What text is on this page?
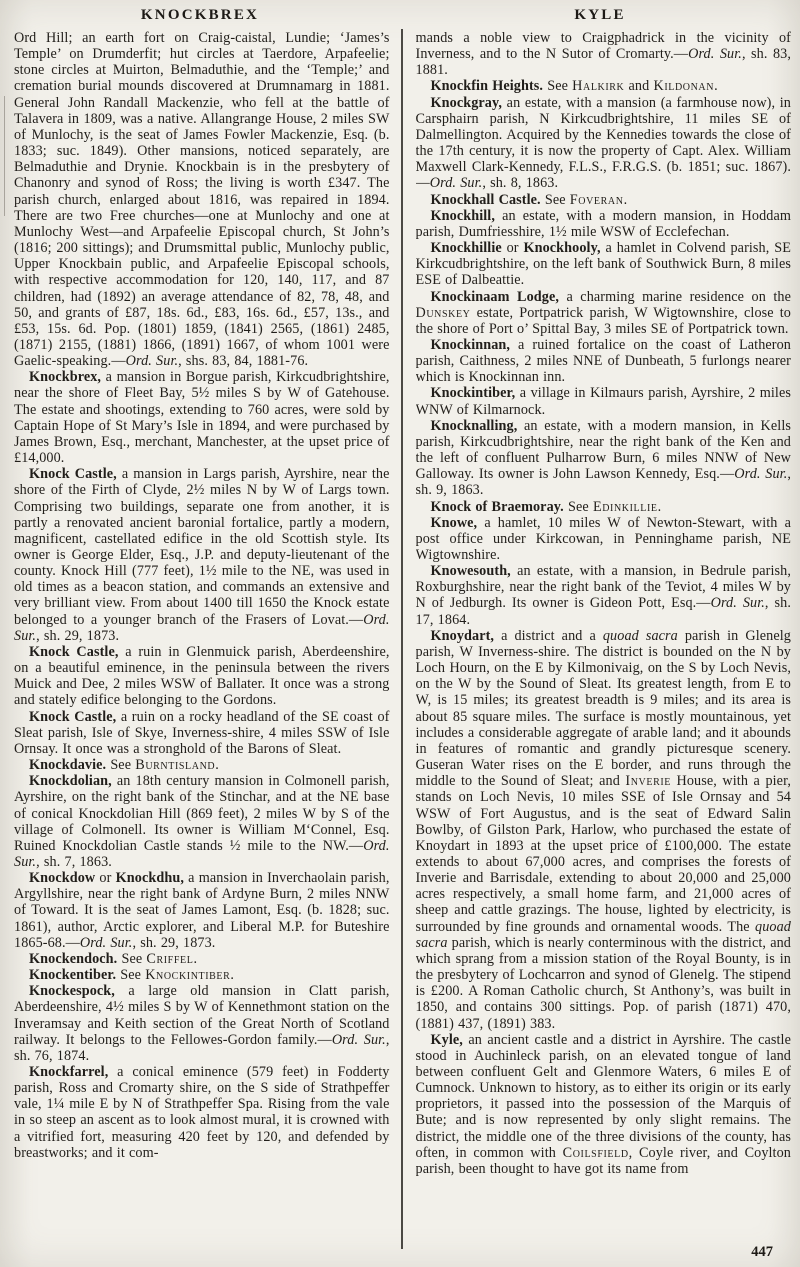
KNOCKBREX	KYLE

Ord Hill; an earth fort on Craig-caistal, Lundie; ‘James’s Temple’ on Drumderfit; hut circles at Taerdore, Arpafeelie; stone circles at Muirton, Belmaduthie, and the ‘Temple;’ and cremation burial mounds discovered at Drumnamarg in 1881. General John Randall Mackenzie, who fell at the battle of Talavera in 1809, was a native. Allangrange House, 2 miles SW of Munlochy, is the seat of James Fowler Mackenzie, Esq. (b. 1833; suc. 1849). Other mansions, noticed separately, are Belmaduthie and Drynie. Knockbain is in the presbytery of Chanonry and synod of Ross; the living is worth £347. The parish church, enlarged about 1816, was repaired in 1894. There are two Free churches—one at Munlochy and one at Munlochy West—and Arpafeelie Episcopal church, St John’s (1816; 200 sittings); and Drumsmittal public, Munlochy public, Upper Knockbain public, and Arpafeelie Episcopal schools, with respective accommodation for 120, 140, 117, and 87 children, had (1892) an average attendance of 82, 78, 48, and 50, and grants of £87, 18s. 6d., £83, 16s. 6d., £57, 13s., and £53, 15s. 6d. Pop. (1801) 1859, (1841) 2565, (1861) 2485, (1871) 2155, (1881) 1866, (1891) 1667, of whom 1001 were Gaelic-speaking.—Ord. Sur., shs. 83, 84, 1881-76.

Knockbrex, a mansion in Borgue parish, Kirkcudbrightshire, near the shore of Fleet Bay, 5½ miles S by W of Gatehouse. The estate and shootings, extending to 760 acres, were sold by Captain Hope of St Mary’s Isle in 1894, and were purchased by James Brown, Esq., merchant, Manchester, at the upset price of £14,000.

Knock Castle, a mansion in Largs parish, Ayrshire, near the shore of the Firth of Clyde, 2½ miles N by W of Largs town. Comprising two buildings, separate one from another, it is partly a renovated ancient baronial fortalice, partly a modern, magnificent, castellated edifice in the old Scottish style. Its owner is George Elder, Esq., J.P. and deputy-lieutenant of the county. Knock Hill (777 feet), 1½ mile to the NE, was used in old times as a beacon station, and commands an extensive and very brilliant view. From about 1400 till 1650 the Knock estate belonged to a younger branch of the Frasers of Lovat.—Ord. Sur., sh. 29, 1873.

Knock Castle, a ruin in Glenmuick parish, Aberdeenshire, on a beautiful eminence, in the peninsula between the rivers Muick and Dee, 2 miles WSW of Ballater. It once was a strong and stately edifice belonging to the Gordons.

Knock Castle, a ruin on a rocky headland of the SE coast of Sleat parish, Isle of Skye, Inverness-shire, 4 miles SSW of Isle Ornsay. It once was a stronghold of the Barons of Sleat.

Knockdavie. See Burntisland.

Knockdolian, an 18th century mansion in Colmonell parish, Ayrshire, on the right bank of the Stinchar, and at the NE base of conical Knockdolian Hill (869 feet), 2 miles W by S of the village of Colmonell. Its owner is William M‘Connel, Esq. Ruined Knockdolian Castle stands ½ mile to the NW.—Ord. Sur., sh. 7, 1863.

Knockdow or Knockdhu, a mansion in Inverchaolain parish, Argyllshire, near the right bank of Ardyne Burn, 2 miles NNW of Toward. It is the seat of James Lamont, Esq. (b. 1828; suc. 1861), author, Arctic explorer, and Liberal M.P. for Buteshire 1865-68.—Ord. Sur., sh. 29, 1873.

Knockendoch. See Criffel.

Knockentiber. See Knockintiber.

Knockespock, a large old mansion in Clatt parish, Aberdeenshire, 4½ miles S by W of Kennethmont station on the Inveramsay and Keith section of the Great North of Scotland railway. It belongs to the Fellowes-Gordon family.—Ord. Sur., sh. 76, 1874.

Knockfarrel, a conical eminence (579 feet) in Fodderty parish, Ross and Cromarty shire, on the S side of Strathpeffer vale, 1¼ mile E by N of Strathpeffer Spa. Rising from the vale in so steep an ascent as to look almost mural, it is crowned with a vitrified fort, measuring 420 feet by 120, and defended by breastworks; and it com-

mands a noble view to Craigphadrick in the vicinity of Inverness, and to the N Sutor of Cromarty.—Ord. Sur., sh. 83, 1881.

Knockfin Heights. See Halkirk and Kildonan.

Knockgray, an estate, with a mansion (a farmhouse now), in Carsphairn parish, N Kirkcudbrightshire, 11 miles SE of Dalmellington. Acquired by the Kennedies towards the close of the 17th century, it is now the property of Capt. Alex. William Maxwell Clark-Kennedy, F.L.S., F.R.G.S. (b. 1851; suc. 1867).—Ord. Sur., sh. 8, 1863.

Knockhall Castle. See Foveran.

Knockhill, an estate, with a modern mansion, in Hoddam parish, Dumfriesshire, 1½ mile WSW of Ecclefechan.

Knockhillie or Knockhooly, a hamlet in Colvend parish, SE Kirkcudbrightshire, on the left bank of Southwick Burn, 8 miles ESE of Dalbeattie.

Knockinaam Lodge, a charming marine residence on the Dunskey estate, Portpatrick parish, W Wigtownshire, close to the shore of Port o’ Spittal Bay, 3 miles SE of Portpatrick town.

Knockinnan, a ruined fortalice on the coast of Latheron parish, Caithness, 2 miles NNE of Dunbeath, 5 furlongs nearer which is Knockinnan inn.

Knockintiber, a village in Kilmaurs parish, Ayrshire, 2 miles WNW of Kilmarnock.

Knocknalling, an estate, with a modern mansion, in Kells parish, Kirkcudbrightshire, near the right bank of the Ken and the left of confluent Pulharrow Burn, 6 miles NNW of New Galloway. Its owner is John Lawson Kennedy, Esq.—Ord. Sur., sh. 9, 1863.

Knock of Braemoray. See Edinkillie.

Knowe, a hamlet, 10 miles W of Newton-Stewart, with a post office under Kirkcowan, in Penninghame parish, NE Wigtownshire.

Knowesouth, an estate, with a mansion, in Bedrule parish, Roxburghshire, near the right bank of the Teviot, 4 miles W by N of Jedburgh. Its owner is Gideon Pott, Esq.—Ord. Sur., sh. 17, 1864.

Knoydart, a district and a quoad sacra parish in Glenelg parish, W Inverness-shire. The district is bounded on the N by Loch Hourn, on the E by Kilmonivaig, on the S by Loch Nevis, on the W by the Sound of Sleat. Its greatest length, from E to W, is 15 miles; its greatest breadth is 9 miles; and its area is about 85 square miles. The surface is mostly mountainous, yet includes a considerable aggregate of arable land; and it abounds in features of romantic and grandly picturesque scenery. Guseran Water rises on the E border, and runs through the middle to the Sound of Sleat; and Inverie House, with a pier, stands on Loch Nevis, 10 miles SSE of Isle Ornsay and 54 WSW of Fort Augustus, and is the seat of Edward Salin Bowlby, of Gilston Park, Harlow, who purchased the estate of Knoydart in 1893 at the upset price of £100,000. The estate extends to about 67,000 acres, and comprises the forests of Inverie and Barrisdale, extending to about 20,000 and 25,000 acres respectively, a small home farm, and 21,000 acres of sheep and cattle grazings. The house, lighted by electricity, is surrounded by fine grounds and ornamental woods. The quoad sacra parish, which is nearly conterminous with the district, and which sprang from a mission station of the Royal Bounty, is in the presbytery of Lochcarron and synod of Glenelg. The stipend is £200. A Roman Catholic church, St Anthony’s, was built in 1850, and contains 300 sittings. Pop. of parish (1871) 470, (1881) 437, (1891) 383.

Kyle, an ancient castle and a district in Ayrshire. The castle stood in Auchinleck parish, on an elevated tongue of land between confluent Gelt and Glenmore Waters, 6 miles E of Cumnock. Unknown to history, as to either its origin or its early proprietors, it passed into the possession of the Marquis of Bute; and is now represented by only slight remains. The district, the middle one of the three divisions of the county, has often, in common with Coilsfield, Coyle river, and Coylton parish, been thought to have got its name from

447
